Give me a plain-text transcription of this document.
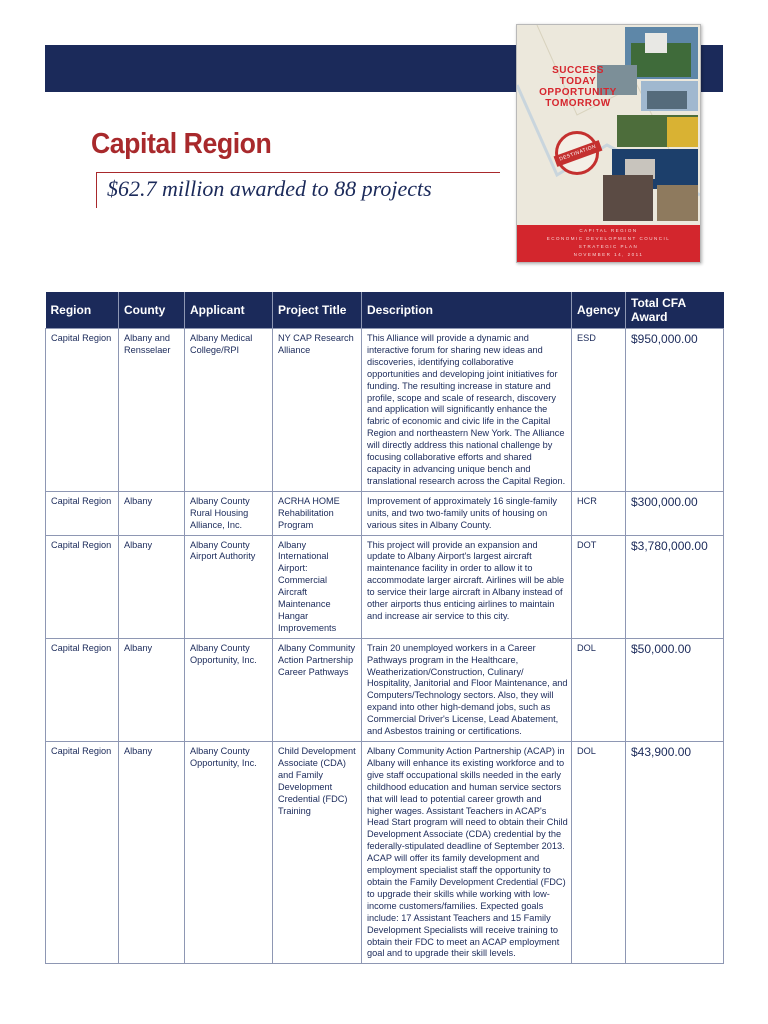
SUCCESS
TODAY
OPPORTUNITY
TOMORROW
DESTINATION
CAPITAL REGION
ECONOMIC DEVELOPMENT COUNCIL
STRATEGIC PLAN
NOVEMBER 14, 2011
Capital Region
$62.7 million awarded to 88 projects
Region	County	Applicant	Project Title	Description	Agency	Total CFA Award
Capital Region	Albany and Rensselaer	Albany Medical College/RPI	NY CAP Research Alliance	This Alliance will provide a dynamic and interactive forum for sharing new ideas and discoveries, identifying collaborative opportunities and developing joint initiatives for funding. The resulting increase in stature and profile, scope and scale of research, discovery and application will significantly enhance the fabric of economic and civic life in the Capital Region and northeastern New York. The Alliance will directly address this national challenge by focusing collaborative efforts and shared capacity in advancing unique bench and translational research across the Capital Region.	ESD	$950,000.00
Capital Region	Albany	Albany County Rural Housing Alliance, Inc.	ACRHA HOME Rehabilitation Program	Improvement of approximately 16 single-family units, and two two-family units of housing on various sites in Albany County.	HCR	$300,000.00
Capital Region	Albany	Albany County Airport Authority	Albany International Airport: Commercial Aircraft Maintenance Hangar Improvements	This project will provide an expansion and update to Albany Airport's largest aircraft maintenance facility in order to allow it to accommodate larger aircraft. Airlines will be able to service their large aircraft in Albany instead of other airports thus enticing airlines to maintain and increase air service to this city.	DOT	$3,780,000.00
Capital Region	Albany	Albany County Opportunity, Inc.	Albany Community Action Partnership Career Pathways	Train 20 unemployed workers in a Career Pathways program in the Healthcare, Weatherization/Construction, Culinary/ Hospitality, Janitorial and Floor Maintenance, and Computers/Technology sectors. Also, they will expand into other high-demand jobs, such as Commercial Driver's License, Lead Abatement, and Asbestos training or certifications.	DOL	$50,000.00
Capital Region	Albany	Albany County Opportunity, Inc.	Child Development Associate (CDA) and Family Development Credential (FDC) Training	Albany Community Action Partnership (ACAP) in Albany will enhance its existing workforce and to give staff occupational skills needed in the early childhood education and human service sectors that will lead to potential career growth and higher wages. Assistant Teachers in ACAP's Head Start program will need to obtain their Child Development Associate (CDA) credential by the federally-stipulated deadline of September 2013. ACAP will offer its family development and employment specialist staff the opportunity to obtain the Family Development Credential (FDC) to upgrade their skills while working with low-income customers/families. Expected goals include: 17 Assistant Teachers and 15 Family Development Specialists will receive training to obtain their FDC to meet an ACAP employment goal and to upgrade their skill levels.	DOL	$43,900.00
